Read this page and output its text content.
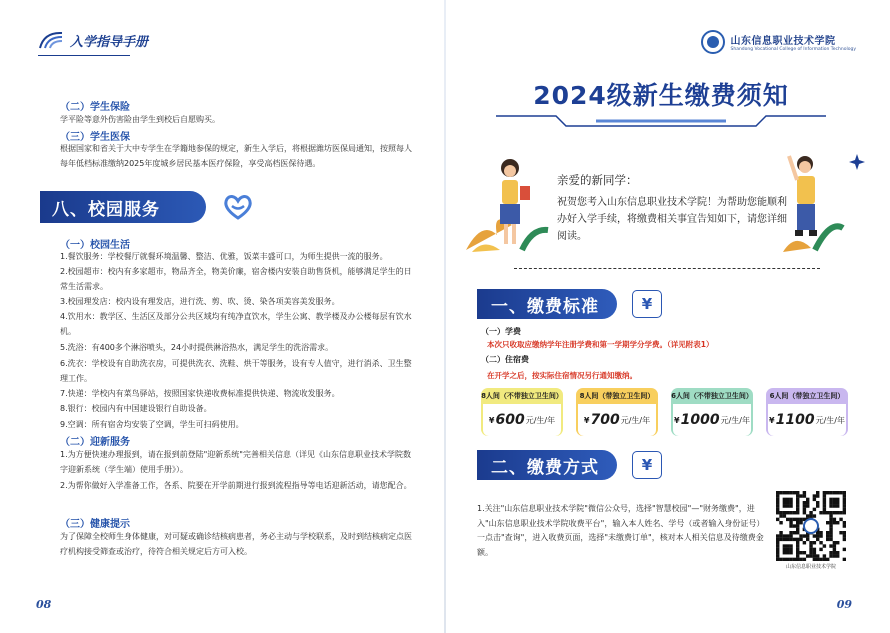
入学指导手册
（二）学生保险
学平险等意外伤害险由学生到校后自愿购买。
（三）学生医保
根据国家和省关于大中专学生在学籍地参保的规定，新生入学后，将根据潍坊医保局通知，按照每人每年低档标准缴纳2025年度城乡居民基本医疗保险，享受高档医保待遇。
八、校园服务
（一）校园生活
1.餐饮服务：学校餐厅就餐环境温馨、整洁、优雅，饭菜丰盛可口，为师生提供一流的服务。
2.校园超市：校内有多家超市，物品齐全，物美价廉，宿舍楼内安装自助售货机，能够满足学生的日常生活需求。
3.校园理发店：校内设有理发店，进行洗、剪、吹、烫、染各项美容美发服务。
4.饮用水：教学区、生活区及部分公共区域均有纯净直饮水，学生公寓、教学楼及办公楼每层有饮水机。
5.洗浴：有400多个淋浴喷头，24小时提供淋浴热水，满足学生的洗浴需求。
6.洗衣：学校设有自助洗衣房，可提供洗衣、洗鞋、烘干等服务，设有专人值守，进行消杀、卫生整理工作。
7.快递：学校内有菜鸟驿站，按照国家快递收费标准提供快递、物流收发服务。
8.银行：校园内有中国建设银行自助设备。
9.空调：所有宿舍均安装了空调，学生可扫码使用。
（二）迎新服务
1.为方便快速办理报到，请在报到前登陆"迎新系统"完善相关信息（详见《山东信息职业技术学院数字迎新系统（学生端）使用手册》）。
2.为帮你做好入学准备工作，各系、院要在开学前期进行报到流程指导等电话迎新活动，请您配合。
（三）健康提示
为了保障全校师生身体健康，对可疑或确诊结核病患者，务必主动与学校联系，及时到结核病定点医疗机构接受筛查或治疗，待符合相关规定后方可入校。
08
山东信息职业技术学院
Shandong Vocational College of Information Technology
2024级新生缴费须知
亲爱的新同学：
祝贺您考入山东信息职业技术学院！为帮助您能顺利办好入学手续，将缴费相关事宜告知如下，请您详细阅读。
一、缴费标准	¥
（一）学费
本次只收取应缴纳学年注册学费和第一学期学分学费。（详见附表1）
（二）住宿费
在开学之后，按实际住宿情况另行通知缴纳。
8人间（不带独立卫生间）
¥ 600 元/生/年
8人间（带独立卫生间）
¥ 700 元/生/年
6人间（不带独立卫生间）
¥ 1000 元/生/年
6人间（带独立卫生间）
¥ 1100 元/生/年
二、缴费方式	¥
1.关注"山东信息职业技术学院"微信公众号，选择"智慧校园"—"财务缴费"，进入"山东信息职业技术学院收费平台"，输入本人姓名、学号（或者输入身份证号）一点击"查询"，进入收费页面，选择"未缴费订单"，核对本人相关信息及待缴费金额。
山东信息职业技术学院
09
